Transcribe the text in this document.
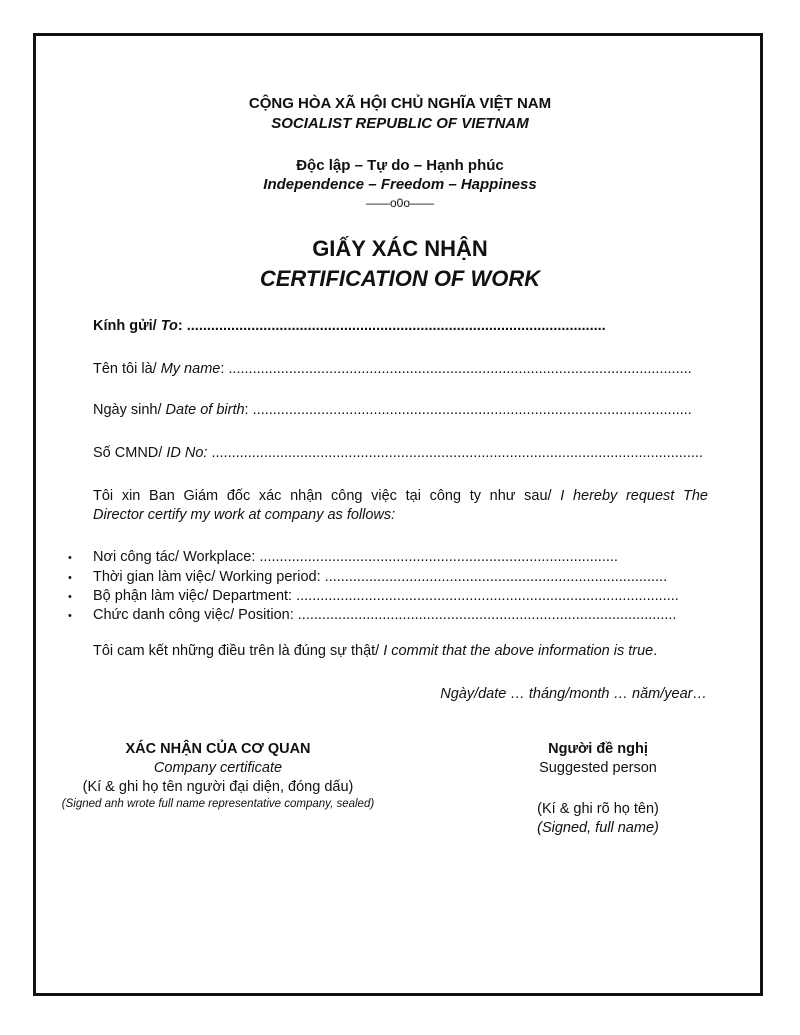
CỘNG HÒA XÃ HỘI CHỦ NGHĨA VIỆT NAM
SOCIALIST REPUBLIC OF VIETNAM
Độc lập – Tự do – Hạnh phúc
Independence – Freedom – Happiness
——o0o——
GIẤY XÁC NHẬN
CERTIFICATION OF WORK
Kính gửi/ To: ........................................................................................................
Tên tôi là/ My name: ...................................................................................................................
Ngày sinh/ Date of birth: .............................................................................................................
Số CMND/ ID No: ..........................................................................................................................
Tôi xin Ban Giám đốc xác nhận công việc tại công ty như sau/ I hereby request The
Director certify my work at company as follows:
• Nơi công tác/ Workplace: .........................................................................................
• Thời gian làm việc/ Working period: .....................................................................................
• Bộ phận làm việc/ Department: ...............................................................................................
• Chức danh công việc/ Position: ..............................................................................................
Tôi cam kết những điều trên là đúng sự thật/ I commit that the above information is true.
Ngày/date … tháng/month … năm/year…
XÁC NHẬN CỦA CƠ QUAN
Company certificate
(Kí & ghi họ tên người đại diện, đóng dấu)
(Signed anh wrote full name representative company, sealed)
Người đề nghị
Suggested person
(Kí & ghi rõ họ tên)
(Signed, full name)
